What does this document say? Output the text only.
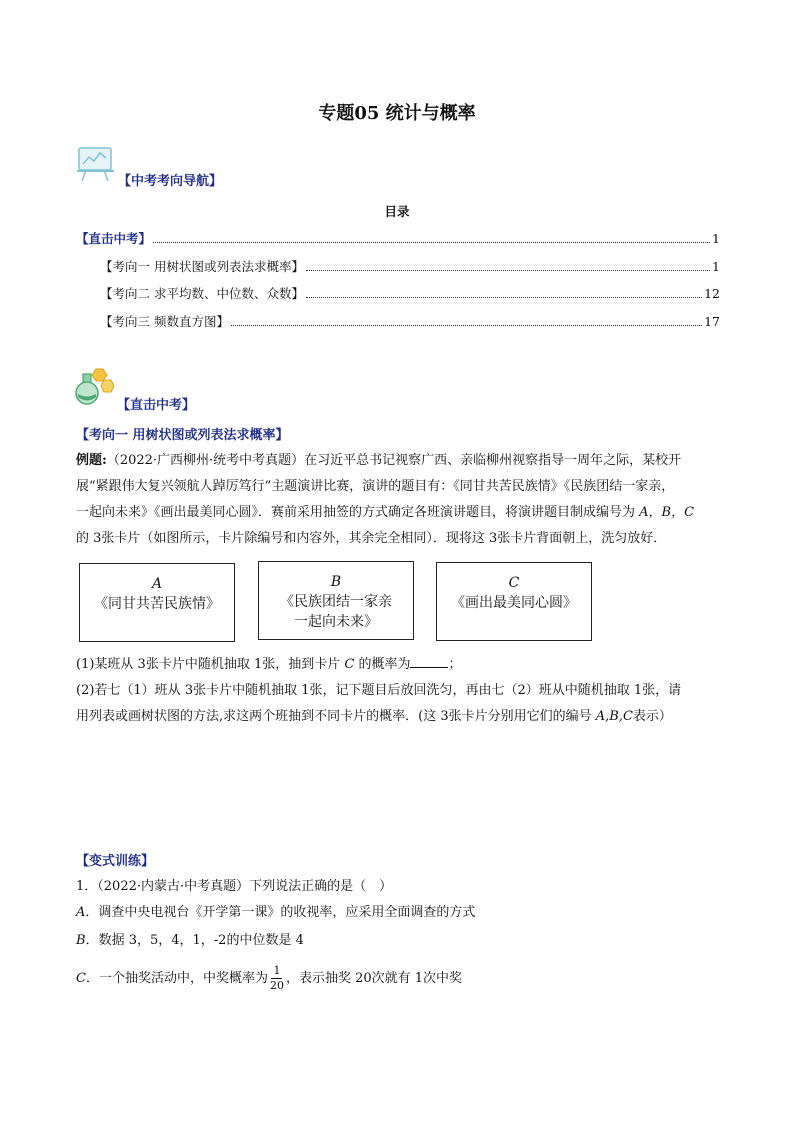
专题05 统计与概率
【中考考向导航】
目录
【直击中考】	1
【考向一 用树状图或列表法求概率】	1
【考向二 求平均数、中位数、众数】	12
【考向三 频数直方图】	17
【直击中考】
【考向一 用树状图或列表法求概率】
例题:（2022·广西柳州·统考中考真题）在习近平总书记视察广西、亲临柳州视察指导一周年之际，某校开
展“紧跟伟大复兴领航人踔厉笃行”主题演讲比赛，演讲的题目有：《同甘共苦民族情》《民族团结一家亲，
一起向未来》《画出最美同心圆》．赛前采用抽签的方式确定各班演讲题目，将演讲题目制成编号为 A，B，C
的 3张卡片（如图所示，卡片除编号和内容外，其余完全相同）．现将这 3张卡片背面朝上，洗匀放好．
A
《同甘共苦民族情》
B
《民族团结一家亲
一起向未来》
C
《画出最美同心圆》
(1)某班从 3张卡片中随机抽取 1张，抽到卡片 C 的概率为	；
(2)若七（1）班从 3张卡片中随机抽取 1张，记下题目后放回洗匀，再由七（2）班从中随机抽取 1张，请
用列表或画树状图的方法,求这两个班抽到不同卡片的概率．(这 3张卡片分别用它们的编号 A,B,C表示）
【变式训练】
1．（2022·内蒙古·中考真题）下列说法正确的是（　）
A．调查中央电视台《开学第一课》的收视率，应采用全面调查的方式
B．数据 3，5，4，1，-2的中位数是 4
C．一个抽奖活动中，中奖概率为 $\frac{1}{20}$ ，表示抽奖 20次就有 1次中奖
